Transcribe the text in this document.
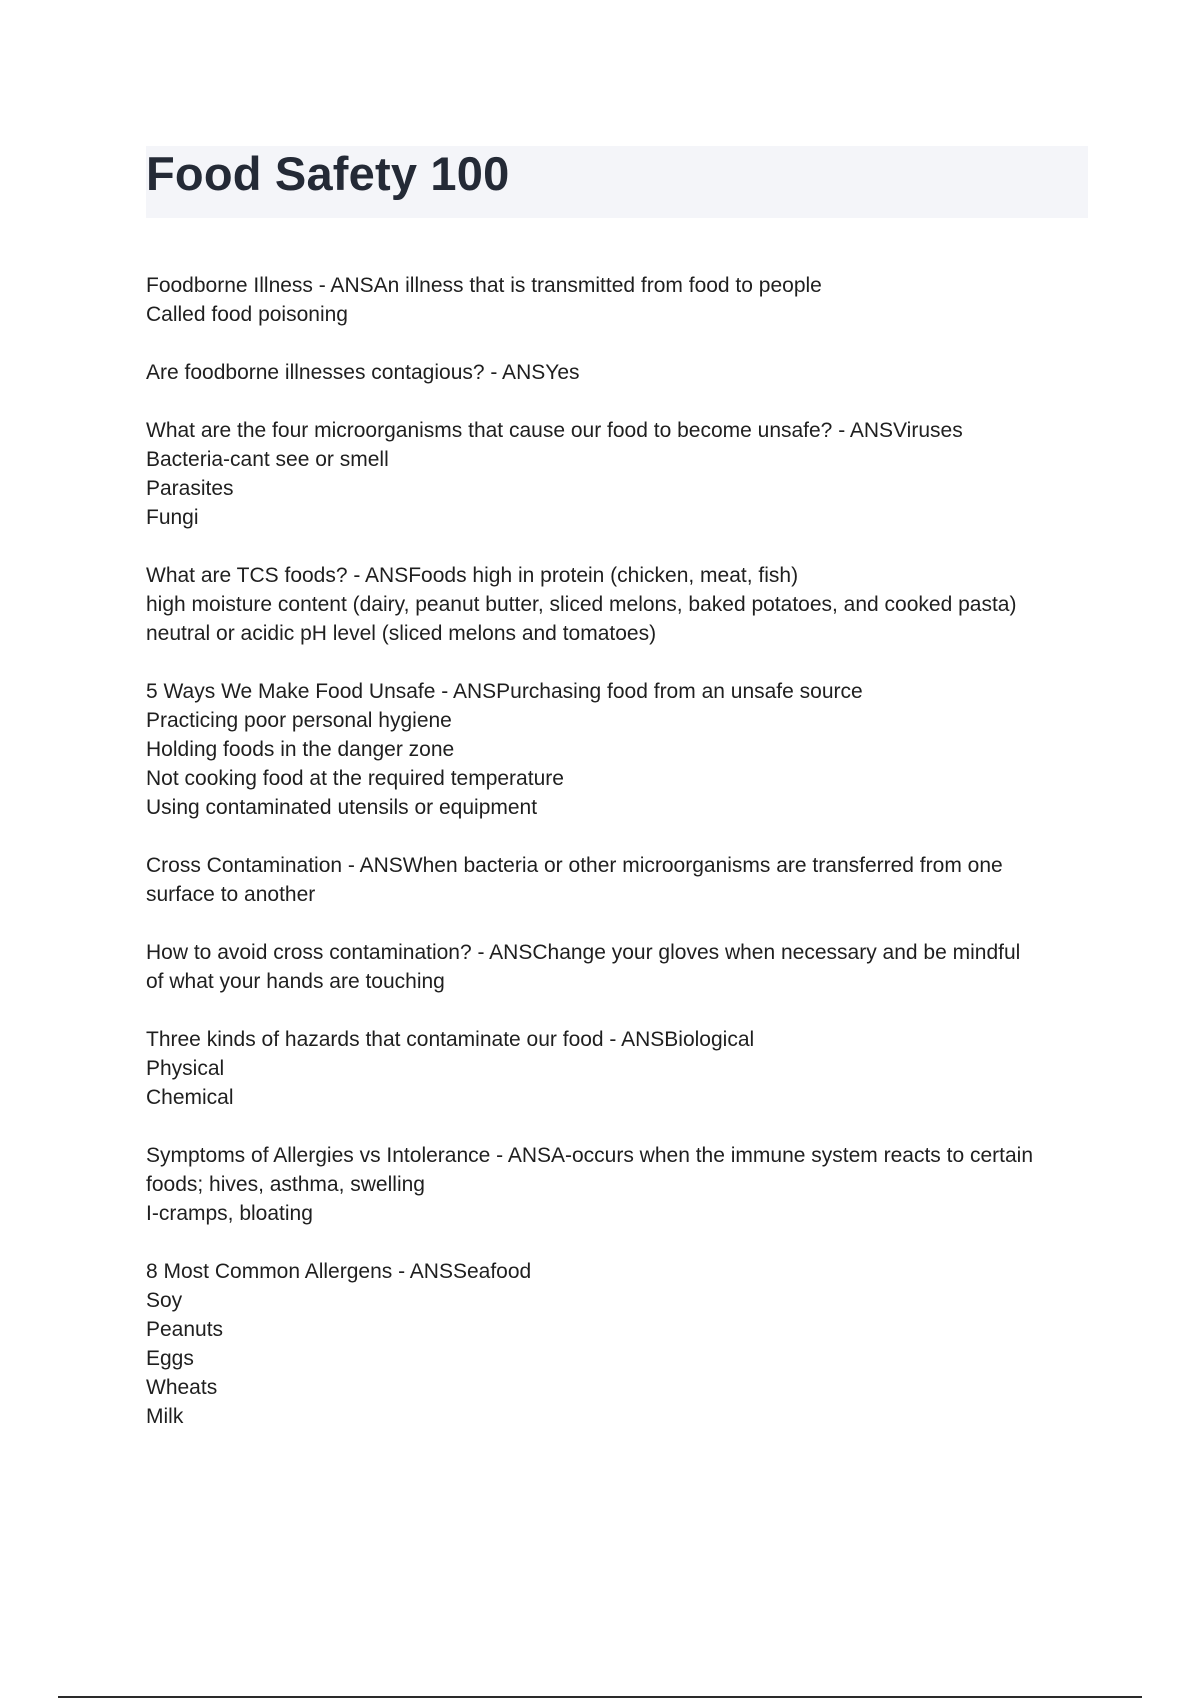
Food Safety 100

Foodborne Illness - ANSAn illness that is transmitted from food to people
Called food poisoning

Are foodborne illnesses contagious? - ANSYes

What are the four microorganisms that cause our food to become unsafe? - ANSViruses
Bacteria-cant see or smell
Parasites
Fungi

What are TCS foods? - ANSFoods high in protein (chicken, meat, fish)
high moisture content (dairy, peanut butter, sliced melons, baked potatoes, and cooked pasta)
neutral or acidic pH level (sliced melons and tomatoes)

5 Ways We Make Food Unsafe - ANSPurchasing food from an unsafe source
Practicing poor personal hygiene
Holding foods in the danger zone
Not cooking food at the required temperature
Using contaminated utensils or equipment

Cross Contamination - ANSWhen bacteria or other microorganisms are transferred from one
surface to another

How to avoid cross contamination? - ANSChange your gloves when necessary and be mindful
of what your hands are touching

Three kinds of hazards that contaminate our food - ANSBiological
Physical
Chemical

Symptoms of Allergies vs Intolerance - ANSA-occurs when the immune system reacts to certain
foods; hives, asthma, swelling
I-cramps, bloating

8 Most Common Allergens - ANSSeafood
Soy
Peanuts
Eggs
Wheats
Milk
